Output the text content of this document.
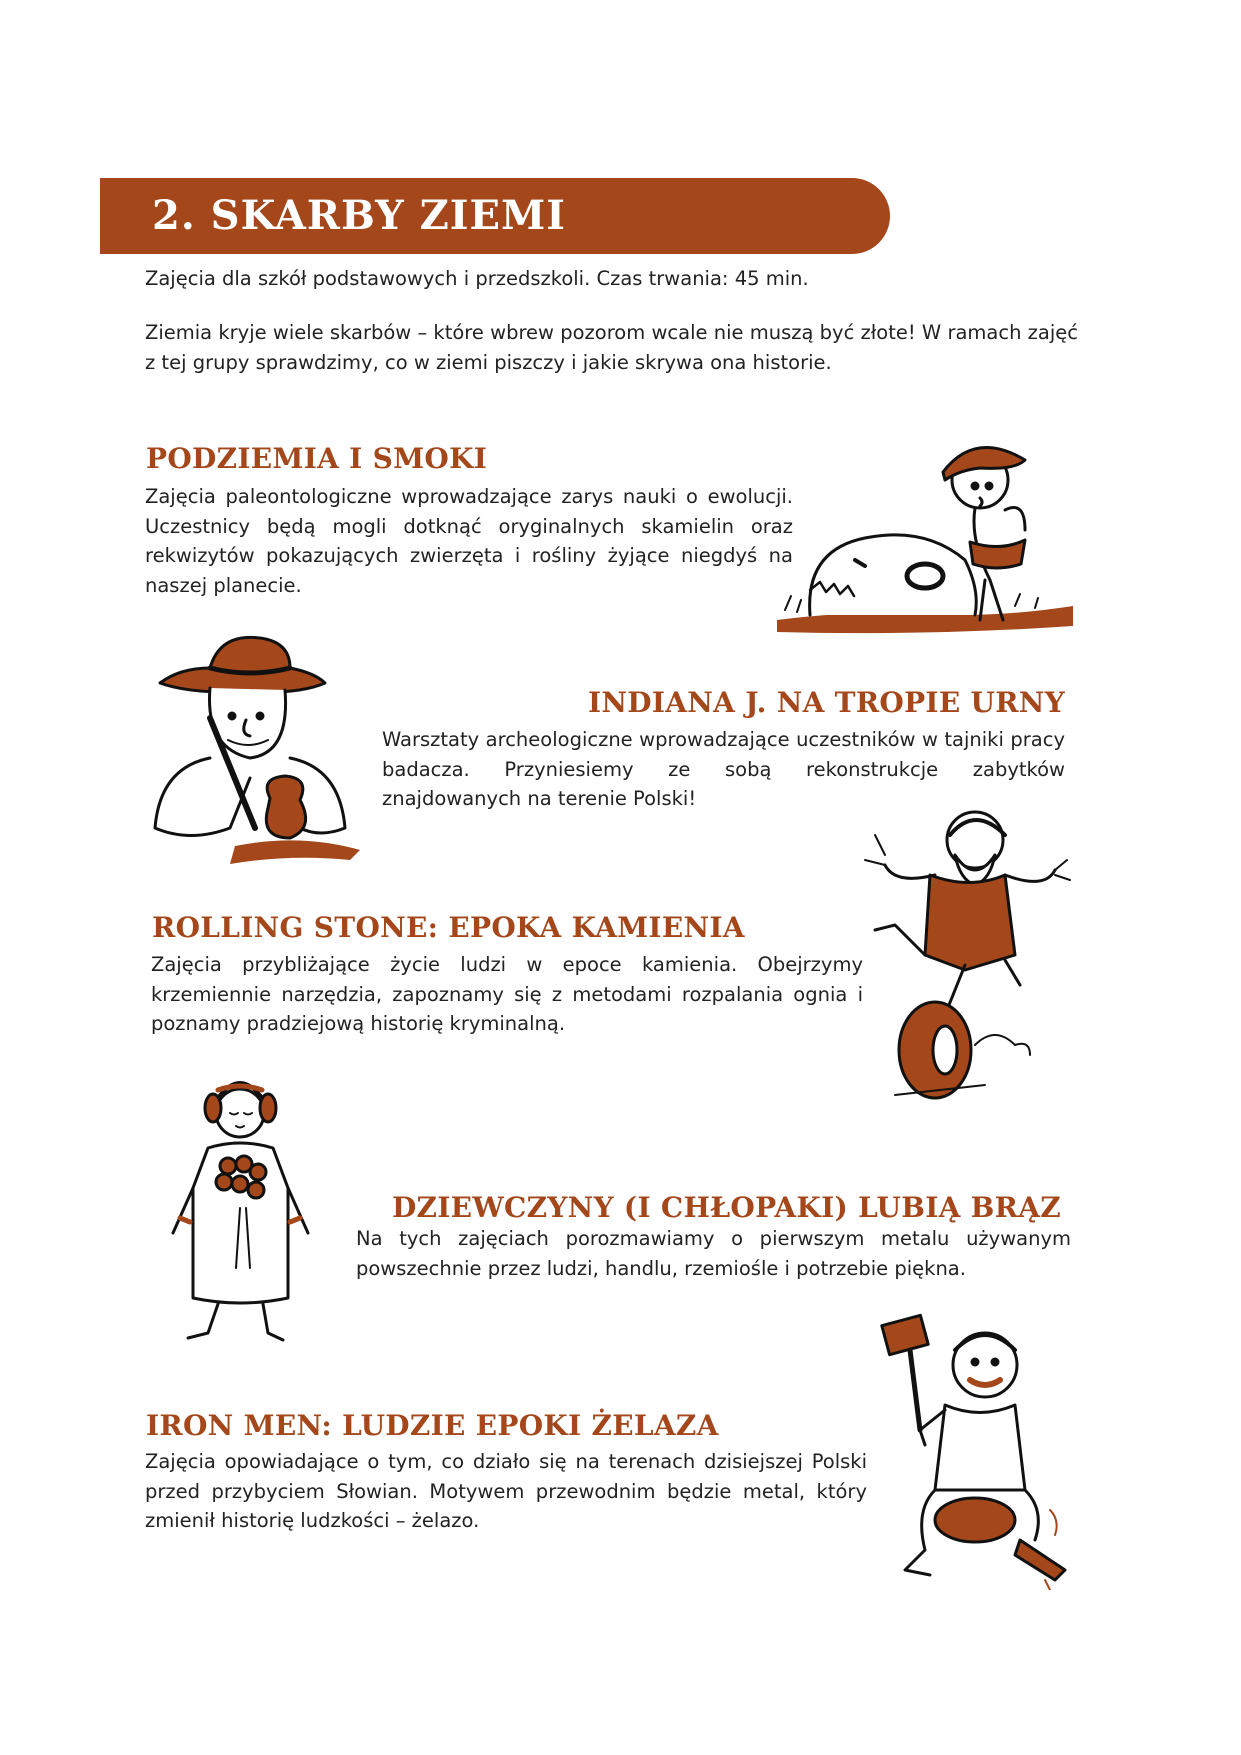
2. SKARBY ZIEMI

Zajęcia dla szkół podstawowych i przedszkoli. Czas trwania: 45 min.

Ziemia kryje wiele skarbów – które wbrew pozorom wcale nie muszą być złote! W ramach zajęć z tej grupy sprawdzimy, co w ziemi piszczy i jakie skrywa ona historie.

PODZIEMIA I SMOKI

Zajęcia paleontologiczne wprowadzające zarys nauki o ewolucji. Uczestnicy będą mogli dotknąć oryginalnych skamielin oraz rekwizytów pokazujących zwierzęta i rośliny żyjące niegdyś na naszej planecie.

INDIANA J. NA TROPIE URNY

Warsztaty archeologiczne wprowadzające uczestników w tajniki pracy badacza. Przyniesiemy ze sobą rekonstrukcje zabytków znajdowanych na terenie Polski!

ROLLING STONE: EPOKA KAMIENIA

Zajęcia przybliżające życie ludzi w epoce kamienia. Obejrzymy krzemiennie narzędzia, zapoznamy się z metodami rozpalania ognia i poznamy pradziejową historię kryminalną.

DZIEWCZYNY (I CHŁOPAKI) LUBIĄ BRĄZ

Na tych zajęciach porozmawiamy o pierwszym metalu używanym powszechnie przez ludzi, handlu, rzemiośle i potrzebie piękna.

IRON MEN: LUDZIE EPOKI ŻELAZA

Zajęcia opowiadające o tym, co działo się na terenach dzisiejszej Polski przed przybyciem Słowian. Motywem przewodnim będzie metal, który zmienił historię ludzkości – żelazo.
